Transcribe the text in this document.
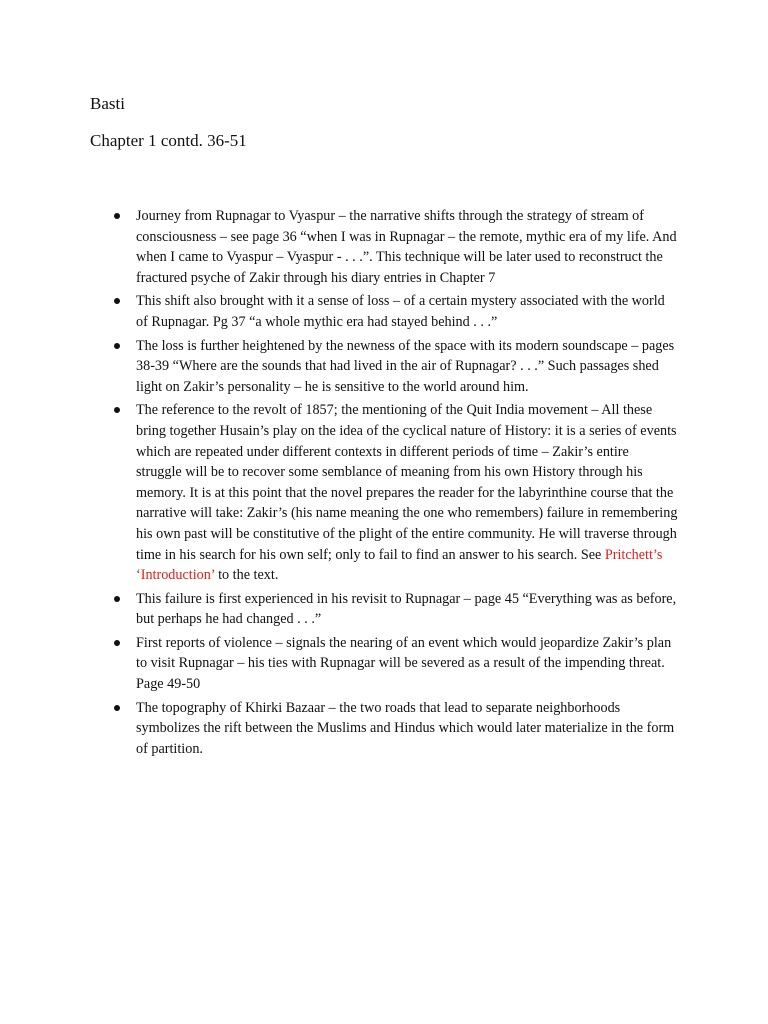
Basti
Chapter 1 contd. 36-51
Journey from Rupnagar to Vyaspur – the narrative shifts through the strategy of stream of consciousness – see page 36 “when I was in Rupnagar – the remote, mythic era of my life. And when I came to Vyaspur – Vyaspur - . . .”. This technique will be later used to reconstruct the fractured psyche of Zakir through his diary entries in Chapter 7
This shift also brought with it a sense of loss – of a certain mystery associated with the world of Rupnagar. Pg 37 “a whole mythic era had stayed behind . . .”
The loss is further heightened by the newness of the space with its modern soundscape – pages 38-39 “Where are the sounds that had lived in the air of Rupnagar? . . .” Such passages shed light on Zakir’s personality – he is sensitive to the world around him.
The reference to the revolt of 1857; the mentioning of the Quit India movement – All these bring together Husain’s play on the idea of the cyclical nature of History: it is a series of events which are repeated under different contexts in different periods of time – Zakir’s entire struggle will be to recover some semblance of meaning from his own History through his memory. It is at this point that the novel prepares the reader for the labyrinthine course that the narrative will take: Zakir’s (his name meaning the one who remembers) failure in remembering his own past will be constitutive of the plight of the entire community. He will traverse through time in his search for his own self; only to fail to find an answer to his search. See Pritchett’s ‘Introduction’ to the text.
This failure is first experienced in his revisit to Rupnagar – page 45 “Everything was as before, but perhaps he had changed . . .”
First reports of violence – signals the nearing of an event which would jeopardize Zakir’s plan to visit Rupnagar – his ties with Rupnagar will be severed as a result of the impending threat. Page 49-50
The topography of Khirki Bazaar – the two roads that lead to separate neighborhoods symbolizes the rift between the Muslims and Hindus which would later materialize in the form of partition.
